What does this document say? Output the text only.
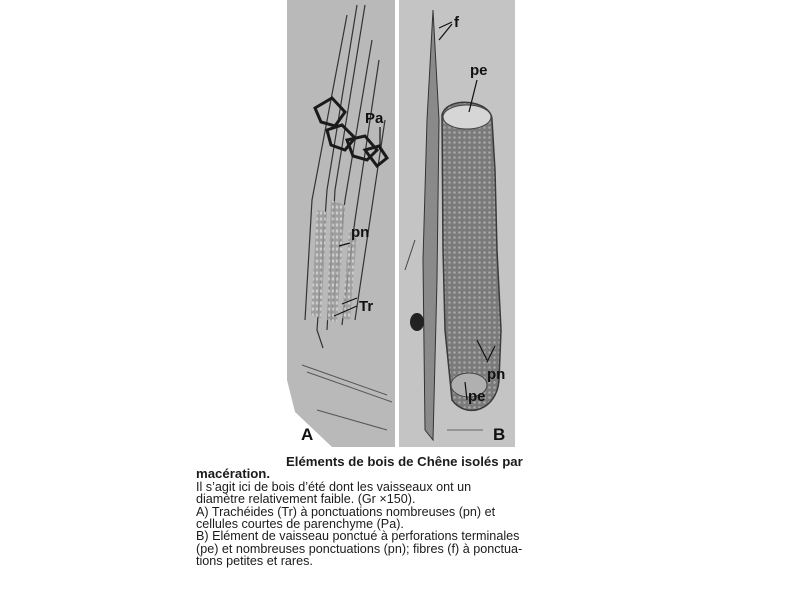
A	B
Pa
pn
Tr
f
pe
pn
pe

Eléments de bois de Chêne isolés par
macération.

Il s’agit ici de bois d’été dont les vaisseaux ont un
diamètre relativement faible. (Gr ×150).

A) Trachéides (Tr) à ponctuations nombreuses (pn) et
cellules courtes de parenchyme (Pa).

B) Elément de vaisseau ponctué à perforations terminales
(pe) et nombreuses ponctuations (pn); fibres (f) à ponctua-
tions petites et rares.
